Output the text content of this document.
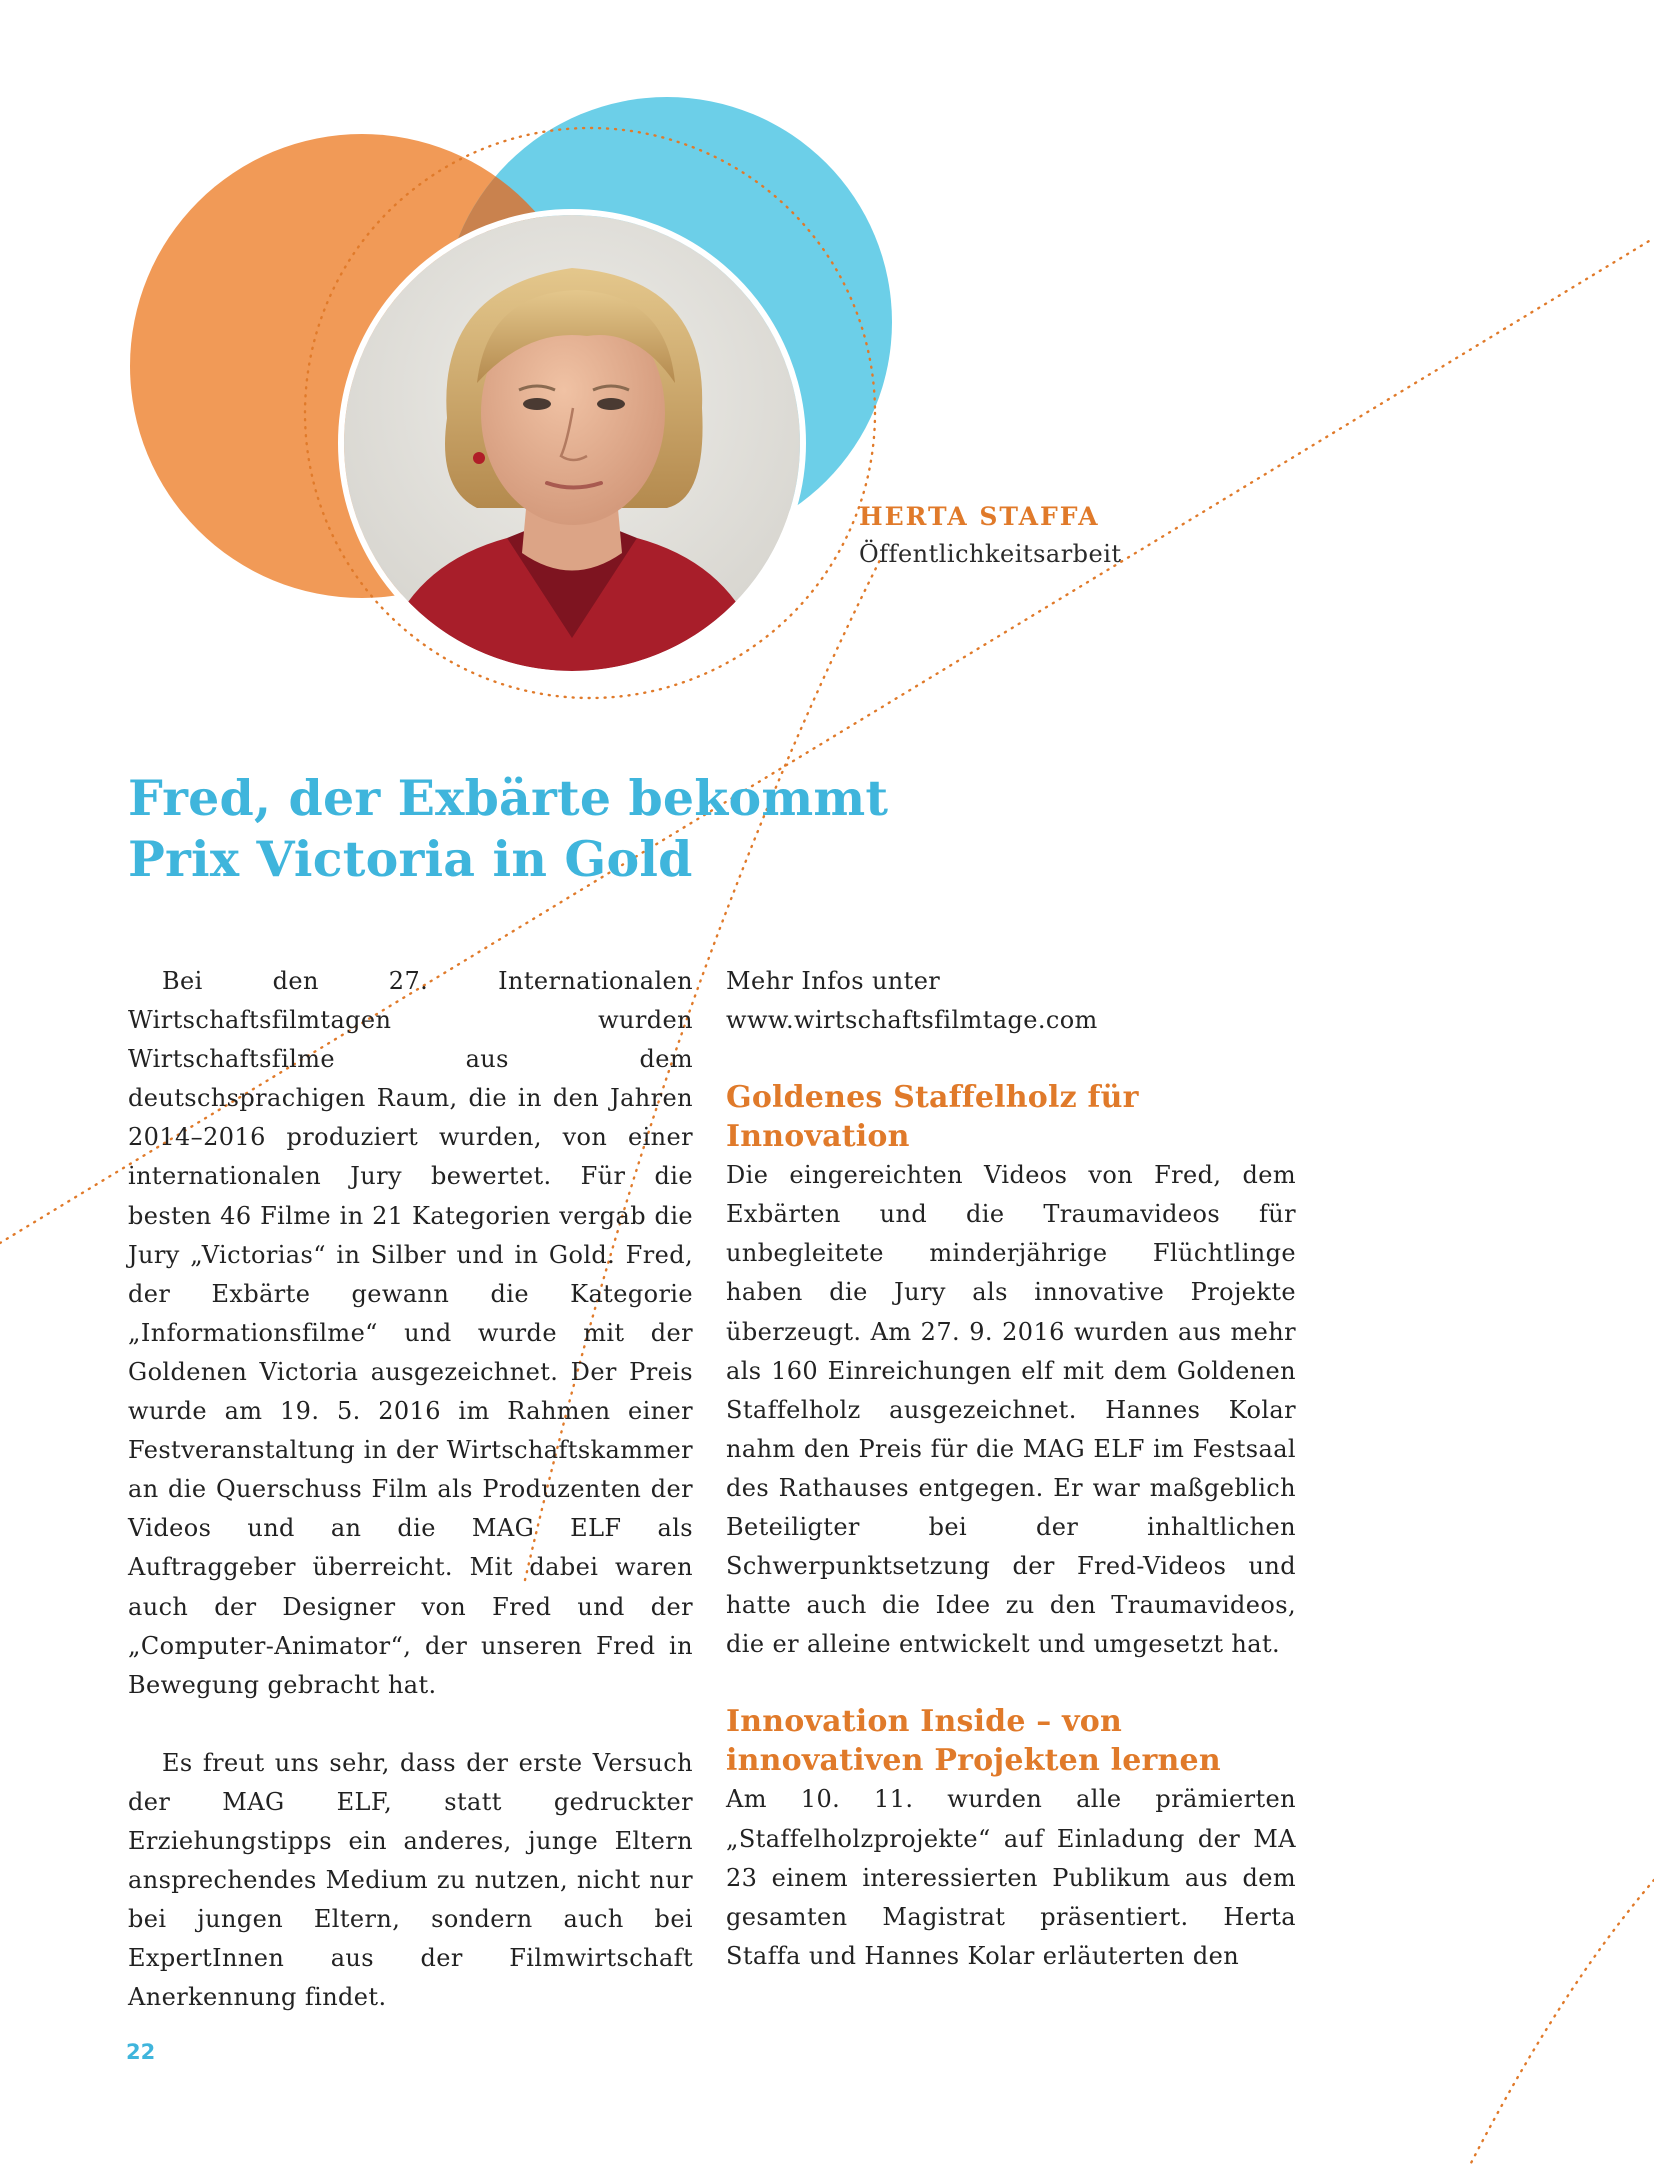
HERTA STAFFA
Öffentlichkeitsarbeit
Fred, der Exbärte bekommt
Prix Victoria in Gold

Bei den 27. Internationalen Wirtschaftsfilmtagen wurden Wirtschaftsfilme aus dem deutschsprachigen Raum, die in den Jahren 2014–2016 produziert wurden, von einer internationalen Jury bewertet. Für die besten 46 Filme in 21 Kategorien vergab die Jury „Victorias“ in Silber und in Gold. Fred, der Exbärte gewann die Kategorie „Informationsfilme“ und wurde mit der Goldenen Victoria ausgezeichnet. Der Preis wurde am 19. 5. 2016 im Rahmen einer Festveranstaltung in der Wirtschaftskammer an die Querschuss Film als Produzenten der Videos und an die MAG ELF als Auftraggeber überreicht. Mit dabei waren auch der Designer von Fred und der „Computer-Animator“, der unseren Fred in Bewegung gebracht hat.

Es freut uns sehr, dass der erste Versuch der MAG ELF, statt gedruckter Erziehungstipps ein anderes, junge Eltern ansprechendes Medium zu nutzen, nicht nur bei jungen Eltern, sondern auch bei ExpertInnen aus der Filmwirtschaft Anerkennung findet.

Mehr Infos unter

www.wirtschaftsfilmtage.com

Goldenes Staffelholz für Innovation

Die eingereichten Videos von Fred, dem Exbärten und die Traumavideos für unbegleitete minderjährige Flüchtlinge haben die Jury als innovative Projekte überzeugt. Am 27. 9. 2016 wurden aus mehr als 160 Einreichungen elf mit dem Goldenen Staffelholz ausgezeichnet. Hannes Kolar nahm den Preis für die MAG ELF im Festsaal des Rathauses entgegen. Er war maßgeblich Beteiligter bei der inhaltlichen Schwerpunktsetzung der Fred-Videos und hatte auch die Idee zu den Traumavideos, die er alleine entwickelt und umgesetzt hat.

Innovation Inside – von innovativen Projekten lernen

Am 10. 11. wurden alle prämierten „Staffelholzprojekte“ auf Einladung der MA 23 einem interessierten Publikum aus dem gesamten Magistrat präsentiert. Herta Staffa und Hannes Kolar erläuterten den

22
